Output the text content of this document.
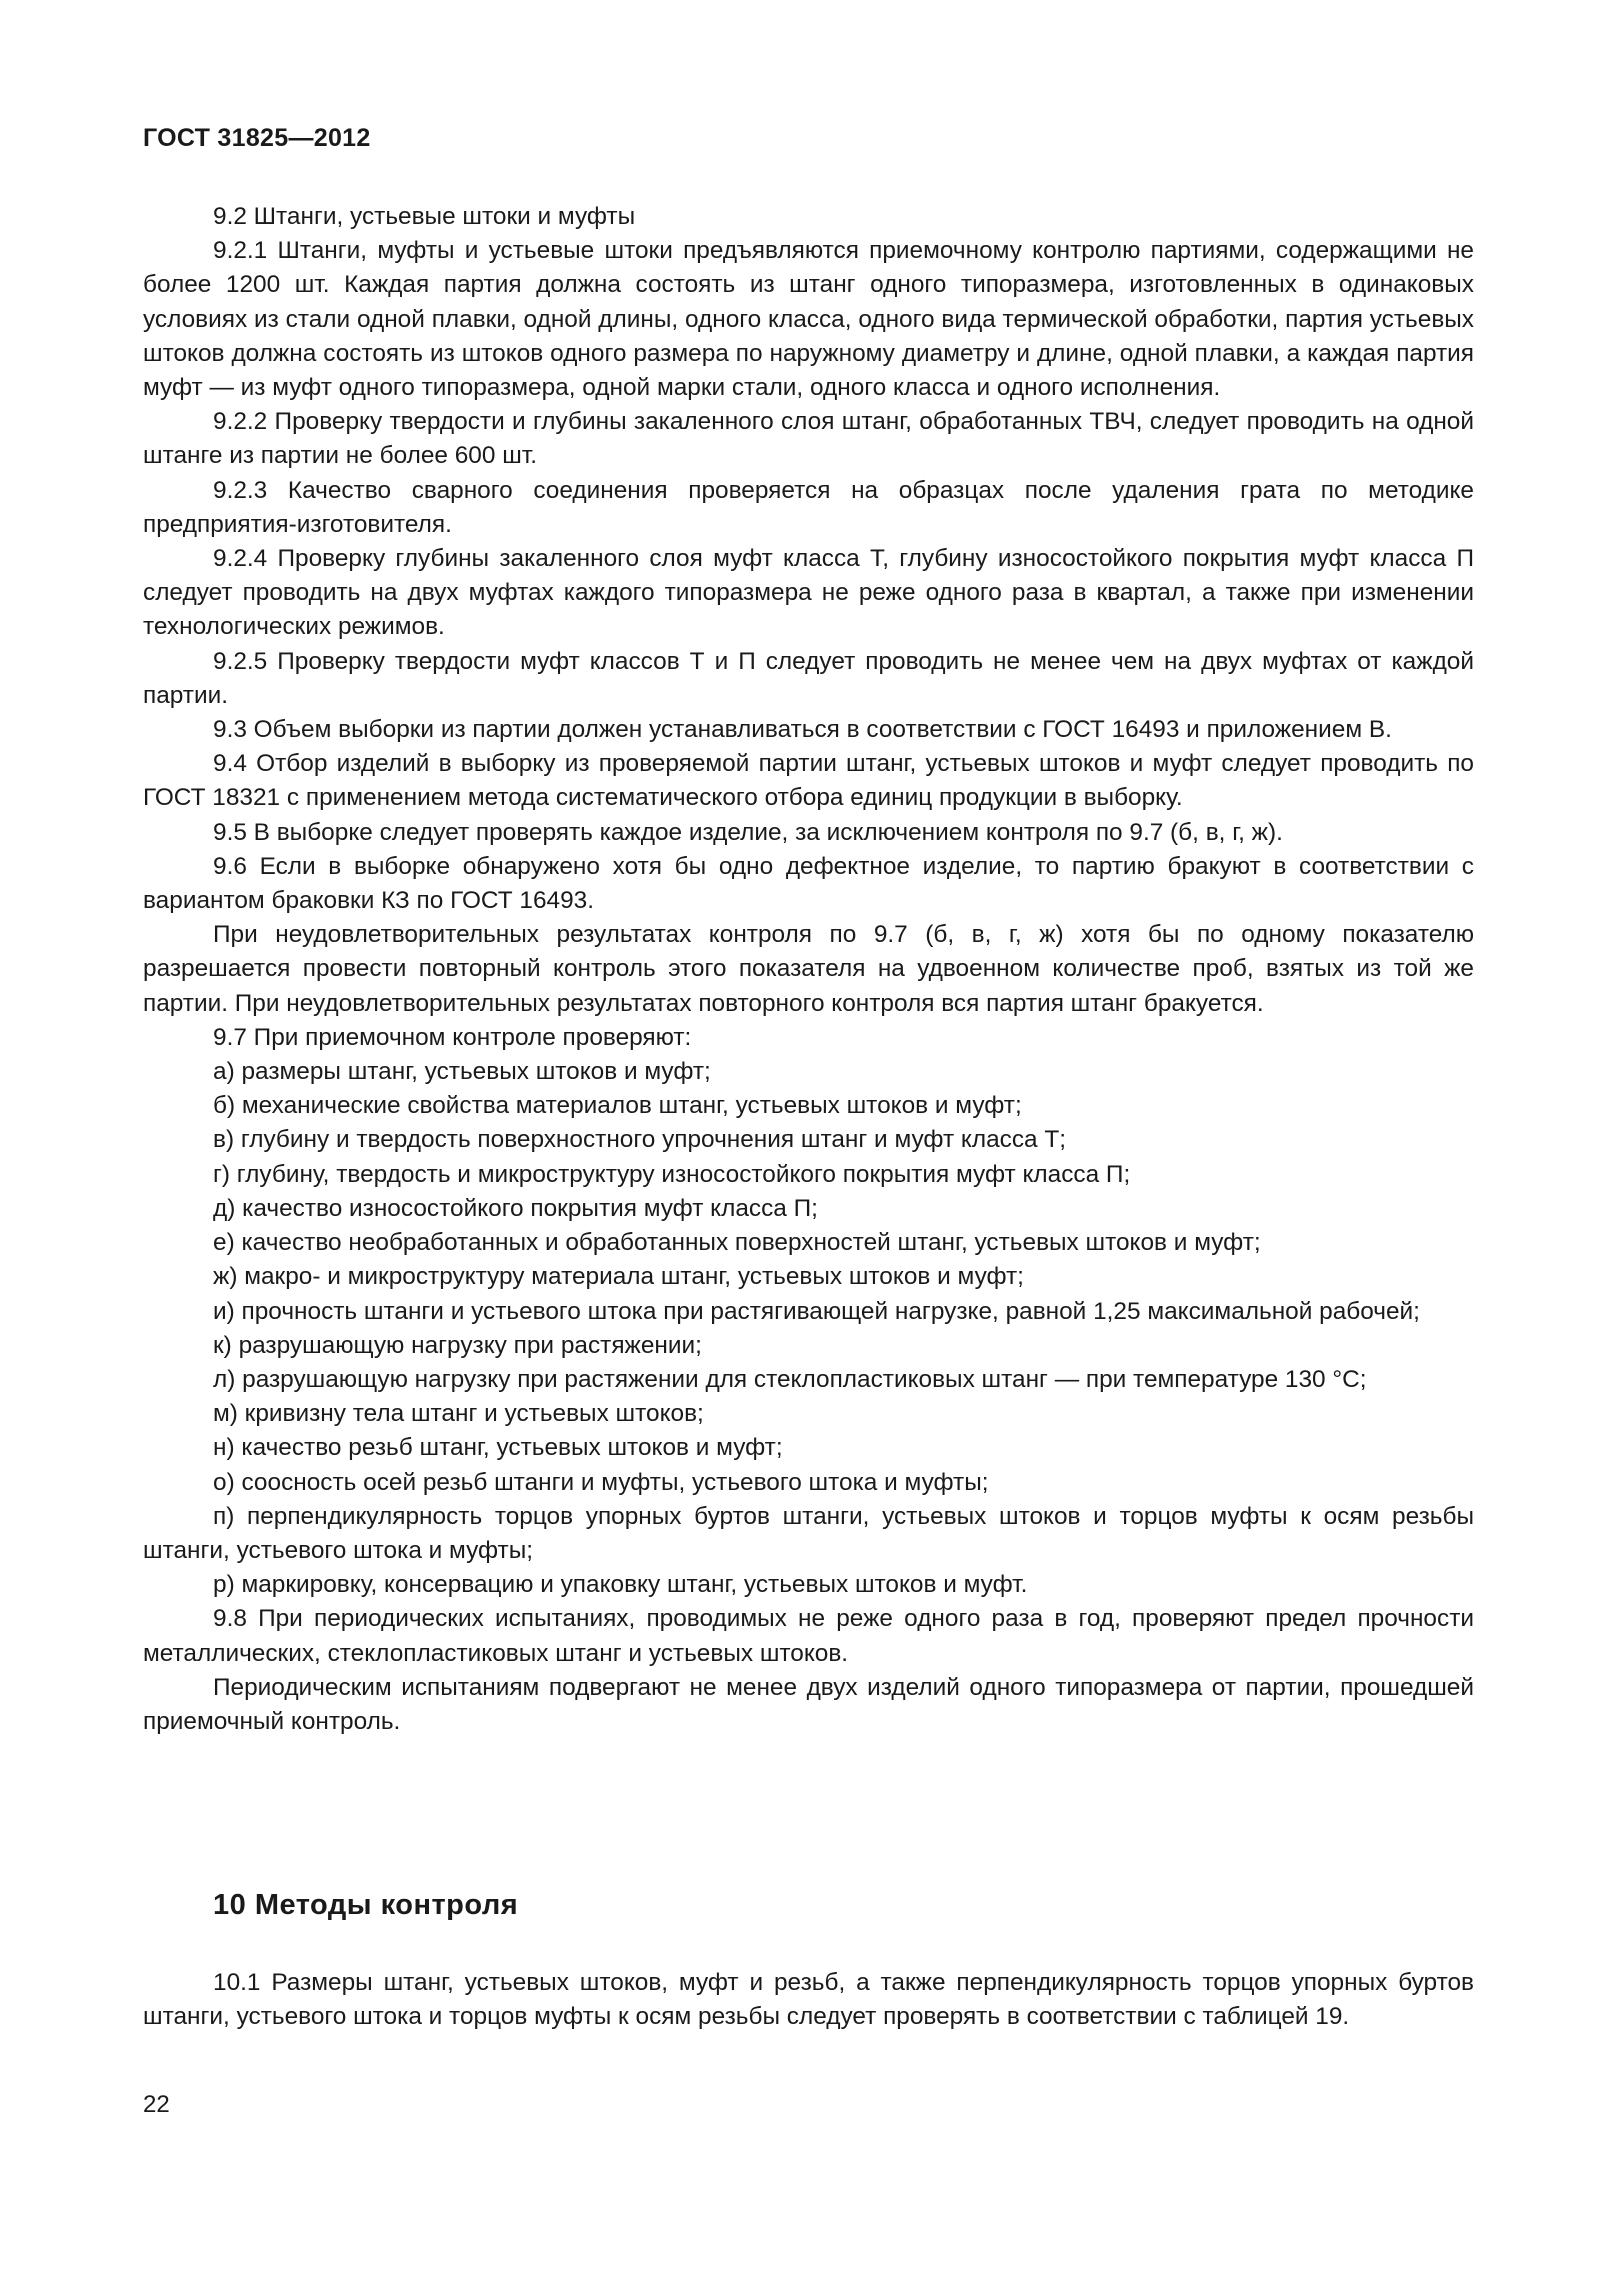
ГОСТ 31825—2012

9.2 Штанги, устьевые штоки и муфты

9.2.1 Штанги, муфты и устьевые штоки предъявляются приемочному контролю партиями, содержащими не более 1200 шт. Каждая партия должна состоять из штанг одного типоразмера, изготовленных в одинаковых условиях из стали одной плавки, одной длины, одного класса, одного вида термической обработки, партия устьевых штоков должна состоять из штоков одного размера по наружному диаметру и длине, одной плавки, а каждая партия муфт — из муфт одного типоразмера, одной марки стали, одного класса и одного исполнения.

9.2.2 Проверку твердости и глубины закаленного слоя штанг, обработанных ТВЧ, следует проводить на одной штанге из партии не более 600 шт.

9.2.3 Качество сварного соединения проверяется на образцах после удаления грата по методике предприятия-изготовителя.

9.2.4 Проверку глубины закаленного слоя муфт класса Т, глубину износостойкого покрытия муфт класса П следует проводить на двух муфтах каждого типоразмера не реже одного раза в квартал, а также при изменении технологических режимов.

9.2.5 Проверку твердости муфт классов Т и П следует проводить не менее чем на двух муфтах от каждой партии.

9.3 Объем выборки из партии должен устанавливаться в соответствии с ГОСТ 16493 и приложением В.

9.4 Отбор изделий в выборку из проверяемой партии штанг, устьевых штоков и муфт следует проводить по ГОСТ 18321 с применением метода систематического отбора единиц продукции в выборку.

9.5 В выборке следует проверять каждое изделие, за исключением контроля по 9.7 (б, в, г, ж).

9.6 Если в выборке обнаружено хотя бы одно дефектное изделие, то партию бракуют в соответствии с вариантом браковки КЗ по ГОСТ 16493.

При неудовлетворительных результатах контроля по 9.7 (б, в, г, ж) хотя бы по одному показателю разрешается провести повторный контроль этого показателя на удвоенном количестве проб, взятых из той же партии. При неудовлетворительных результатах повторного контроля вся партия штанг бракуется.

9.7 При приемочном контроле проверяют:

а) размеры штанг, устьевых штоков и муфт;

б) механические свойства материалов штанг, устьевых штоков и муфт;

в) глубину и твердость поверхностного упрочнения штанг и муфт класса Т;

г) глубину, твердость и микроструктуру износостойкого покрытия муфт класса П;

д) качество износостойкого покрытия муфт класса П;

е) качество необработанных и обработанных поверхностей штанг, устьевых штоков и муфт;

ж) макро- и микроструктуру материала штанг, устьевых штоков и муфт;

и) прочность штанги и устьевого штока при растягивающей нагрузке, равной 1,25 максимальной рабочей;

к) разрушающую нагрузку при растяжении;

л) разрушающую нагрузку при растяжении для стеклопластиковых штанг — при температуре 130 °С;

м) кривизну тела штанг и устьевых штоков;

н) качество резьб штанг, устьевых штоков и муфт;

о) соосность осей резьб штанги и муфты, устьевого штока и муфты;

п) перпендикулярность торцов упорных буртов штанги, устьевых штоков и торцов муфты к осям резьбы штанги, устьевого штока и муфты;

р) маркировку, консервацию и упаковку штанг, устьевых штоков и муфт.

9.8 При периодических испытаниях, проводимых не реже одного раза в год, проверяют предел прочности металлических, стеклопластиковых штанг и устьевых штоков.

Периодическим испытаниям подвергают не менее двух изделий одного типоразмера от партии, прошедшей приемочный контроль.

10 Методы контроля

10.1 Размеры штанг, устьевых штоков, муфт и резьб, а также перпендикулярность торцов упорных буртов штанги, устьевого штока и торцов муфты к осям резьбы следует проверять в соответствии с таблицей 19.

22
